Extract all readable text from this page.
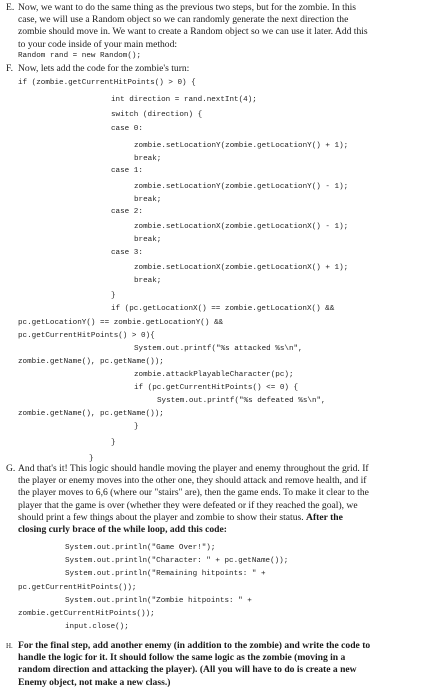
E. Now, we want to do the same thing as the previous two steps, but for the zombie. In this
case, we will use a Random object so we can randomly generate the next direction the
zombie should move in. We want to create a Random object so we can use it later. Add this
to your code inside of your main method:
Random rand = new Random();
F. Now, lets add the code for the zombie's turn:
if (zombie.getCurrentHitPoints() > 0) {
int direction = rand.nextInt(4);
switch (direction) {
case 0:
zombie.setLocationY(zombie.getLocationY() + 1);
break;
case 1:
zombie.setLocationY(zombie.getLocationY() - 1);
break;
case 2:
zombie.setLocationX(zombie.getLocationX() - 1);
break;
case 3:
zombie.setLocationX(zombie.getLocationX() + 1);
break;
}
if (pc.getLocationX() == zombie.getLocationX() &&
pc.getLocationY() == zombie.getLocationY() &&
pc.getCurrentHitPoints() > 0){
System.out.printf("%s attacked %s\n",
zombie.getName(), pc.getName());
zombie.attackPlayableCharacter(pc);
if (pc.getCurrentHitPoints() <= 0) {
System.out.printf("%s defeated %s\n",
zombie.getName(), pc.getName());
}
}
}
G. And that's it! This logic should handle moving the player and enemy throughout the grid. If
the player or enemy moves into the other one, they should attack and remove health, and if
the player moves to 6,6 (where our "stairs" are), then the game ends. To make it clear to the
player that the game is over (whether they were defeated or if they reached the goal), we
should print a few things about the player and zombie to show their status. After the
closing curly brace of the while loop, add this code:
System.out.println("Game Over!");
System.out.println("Character: " + pc.getName());
System.out.println("Remaining hitpoints: " +
pc.getCurrentHitPoints());
System.out.println("Zombie hitpoints: " +
zombie.getCurrentHitPoints());
input.close();
H. For the final step, add another enemy (in addition to the zombie) and write the code to
handle the logic for it. It should follow the same logic as the zombie (moving in a
random direction and attacking the player). (All you will have to do is create a new
Enemy object, not make a new class.)
